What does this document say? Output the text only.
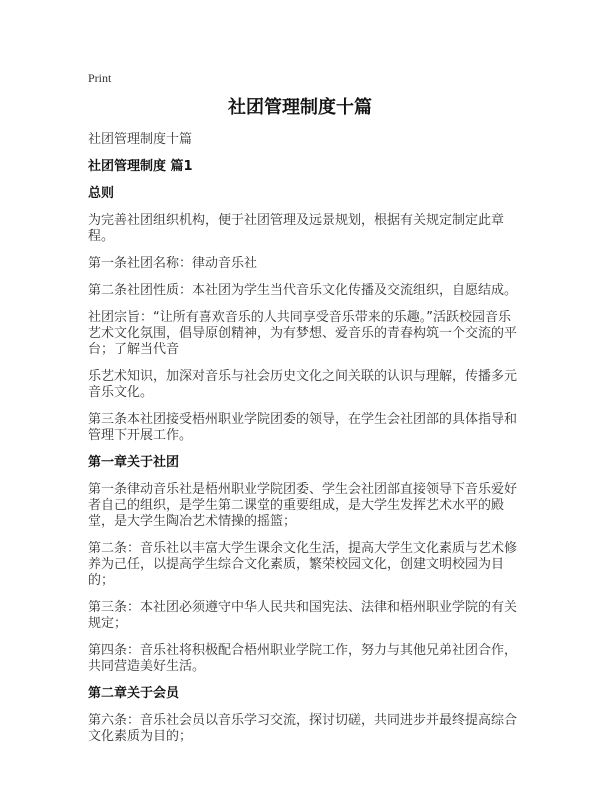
Print
社团管理制度十篇
社团管理制度十篇
社团管理制度 篇1
总则
为完善社团组织机构，便于社团管理及远景规划，根据有关规定制定此章程。
第一条社团名称：律动音乐社
第二条社团性质：本社团为学生当代音乐文化传播及交流组织，自愿结成。
社团宗旨：“让所有喜欢音乐的人共同享受音乐带来的乐趣。”活跃校园音乐艺术文化氛围，倡导原创精神，为有梦想、爱音乐的青春构筑一个交流的平台；了解当代音
乐艺术知识，加深对音乐与社会历史文化之间关联的认识与理解，传播多元音乐文化。
第三条本社团接受梧州职业学院团委的领导，在学生会社团部的具体指导和管理下开展工作。
第一章关于社团
第一条律动音乐社是梧州职业学院团委、学生会社团部直接领导下音乐爱好者自己的组织，是学生第二课堂的重要组成，是大学生发挥艺术水平的殿堂，是大学生陶冶艺术情操的摇篮；
第二条：音乐社以丰富大学生课余文化生活，提高大学生文化素质与艺术修养为己任，以提高学生综合文化素质，繁荣校园文化，创建文明校园为目的；
第三条：本社团必须遵守中华人民共和国宪法、法律和梧州职业学院的有关规定；
第四条：音乐社将积极配合梧州职业学院工作，努力与其他兄弟社团合作，共同营造美好生活。
第二章关于会员
第六条：音乐社会员以音乐学习交流，探讨切磋，共同进步并最终提高综合文化素质为目的；
